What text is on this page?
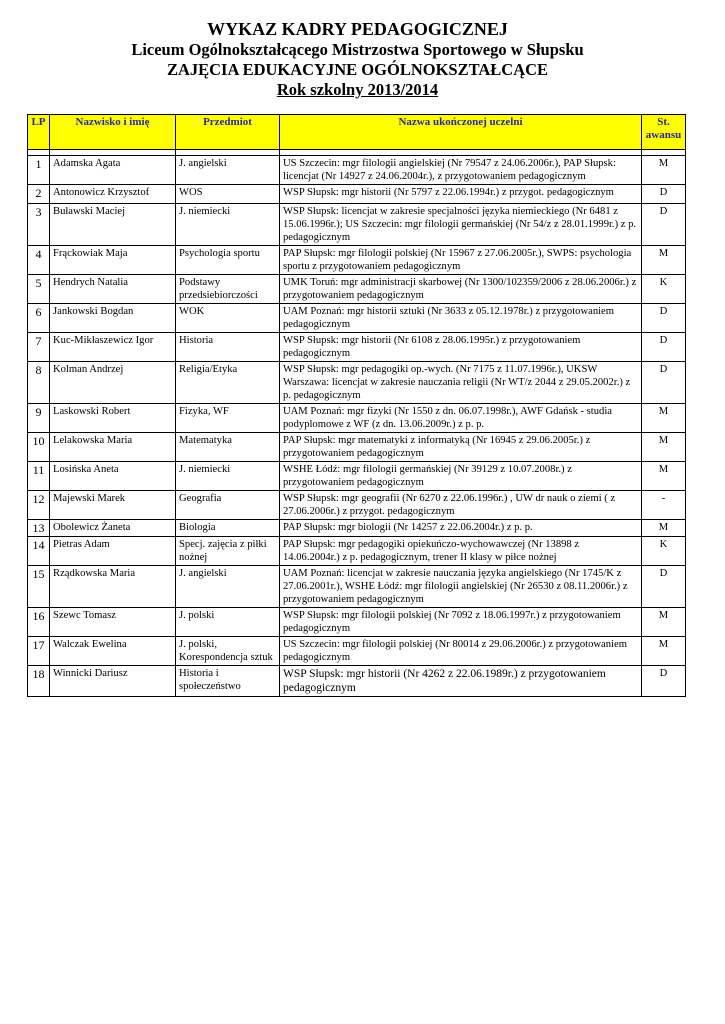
WYKAZ KADRY PEDAGOGICZNEJ
Liceum Ogólnokształcącego Mistrzostwa Sportowego w Słupsku
ZAJĘCIA EDUKACYJNE OGÓLNOKSZTAŁCĄCE
Rok szkolny 2013/2014
LP	Nazwisko i imię	Przedmiot	Nazwa ukończonej uczelni	St.
awansu

1	Adamska Agata	J. angielski	US Szczecin: mgr filologii angielskiej (Nr 79547 z 24.06.2006r.), PAP Słupsk: licencjat (Nr 14927 z 24.06.2004r.), z przygotowaniem pedagogicznym	M
2	Antonowicz Krzysztof	WOS	WSP Słupsk: mgr historii (Nr 5797 z 22.06.1994r.) z przygot. pedagogicznym	D
3	Buławski Maciej	J. niemiecki	WSP Słupsk: licencjat w zakresie specjalności języka niemieckiego (Nr 6481 z 15.06.1996r.); US Szczecin: mgr filologii germańskiej (Nr 54/z z 28.01.1999r.) z p. pedagogicznym	D
4	Frąckowiak Maja	Psychologia sportu	PAP Słupsk: mgr filologii polskiej (Nr 15967 z 27.06.2005r.), SWPS: psychologia sportu z przygotowaniem pedagogicznym	M
5	Hendrych Natalia	Podstawy przedsiebiorczości	UMK Toruń: mgr administracji skarbowej (Nr 1300/102359/2006 z 28.06.2006r.) z przygotowaniem pedagogicznym	K
6	Jankowski Bogdan	WOK	UAM Poznań: mgr historii sztuki (Nr 3633 z 05.12.1978r.) z przygotowaniem pedagogicznym	D
7	Kuc-Mikłaszewicz Igor	Historia	WSP Słupsk: mgr historii (Nr 6108 z 28.06.1995r.) z przygotowaniem pedagogicznym	D
8	Kolman Andrzej	Religia/Etyka	WSP Słupsk: mgr pedagogiki op.-wych. (Nr 7175 z 11.07.1996r.), UKSW Warszawa: licencjat w zakresie nauczania religii (Nr WT/z 2044 z 29.05.2002r.) z p. pedagogicznym	D
9	Laskowski Robert	Fizyka, WF	UAM Poznań: mgr fizyki (Nr 1550 z dn. 06.07.1998r.), AWF Gdańsk - studia podyplomowe z WF (z dn. 13.06.2009r.) z p. p.	M
10	Lelakowska Maria	Matematyka	PAP Słupsk: mgr matematyki z informatyką (Nr 16945 z 29.06.2005r.) z przygotowaniem pedagogicznym	M
11	Losińska Aneta	J. niemiecki	WSHE Łódź: mgr filologii germańskiej (Nr 39129 z 10.07.2008r.) z przygotowaniem pedagogicznym	M
12	Majewski Marek	Geografia	WSP Słupsk: mgr geografii (Nr 6270 z 22.06.1996r.) , UW dr nauk o ziemi ( z 27.06.2006r.) z przygot. pedagogicznym	-
13	Obolewicz Żaneta	Biologia	PAP Słupsk: mgr biologii (Nr 14257 z 22.06.2004r.) z p. p.	M
14	Pietras Adam	Specj. zajęcia z piłki nożnej	PAP Słupsk: mgr pedagogiki opiekuńczo-wychowawczej (Nr 13898 z 14.06.2004r.) z p. pedagogicznym, trener II klasy w piłce nożnej	K
15	Rządkowska Maria	J. angielski	UAM Poznań: licencjat w zakresie nauczania języka angielskiego (Nr 1745/K z 27.06.2001r.), WSHE Łódź: mgr filologii angielskiej (Nr 26530 z 08.11.2006r.) z przygotowaniem pedagogicznym	D
16	Szewc Tomasz	J. polski	WSP Słupsk: mgr filologii polskiej (Nr 7092 z 18.06.1997r.) z przygotowaniem pedagogicznym	M
17	Walczak Ewelina	J. polski, Korespondencja sztuk	US Szczecin: mgr filologii polskiej (Nr 80014 z 29.06.2006r.) z przygotowaniem pedagogicznym	M
18	Winnicki Dariusz	Historia i społeczeństwo	WSP Słupsk: mgr historii (Nr 4262 z 22.06.1989r.) z przygotowaniem pedagogicznym	D
